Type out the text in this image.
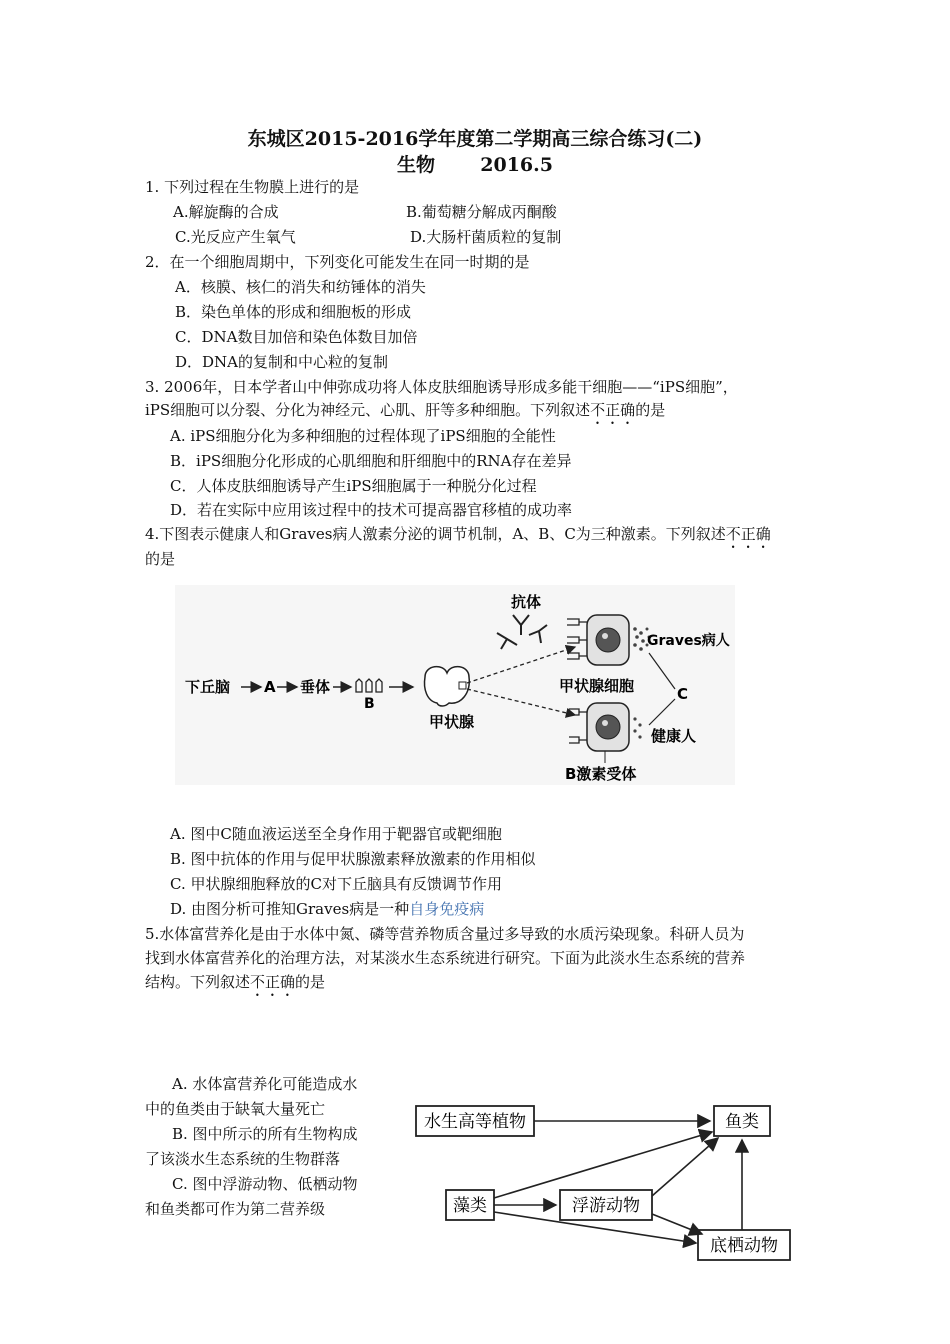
东城区2015-2016学年度第二学期高三综合练习(二)
生物 2016.5
1. 下列过程在生物膜上进行的是
A.解旋酶的合成	B.葡萄糖分解成丙酮酸
C.光反应产生氧气	D.大肠杆菌质粒的复制
2．在一个细胞周期中，下列变化可能发生在同一时期的是
A．核膜、核仁的消失和纺锤体的消失
B．染色单体的形成和细胞板的形成
C．DNA数目加倍和染色体数目加倍
D．DNA的复制和中心粒的复制
3. 2006年，日本学者山中伸弥成功将人体皮肤细胞诱导形成多能干细胞——“iPS细胞”，
iPS细胞可以分裂、分化为神经元、心肌、肝等多种细胞。下列叙述不正确的是
A. iPS细胞分化为多种细胞的过程体现了iPS细胞的全能性
B．iPS细胞分化形成的心肌细胞和肝细胞中的RNA存在差异
C．人体皮肤细胞诱导产生iPS细胞属于一种脱分化过程
D．若在实际中应用该过程中的技术可提高器官移植的成功率
4.下图表示健康人和Graves病人激素分泌的调节机制，A、B、C为三种激素。下列叙述不正确
的是
下丘脑 A 垂体
B
甲状腺
抗体
Graves病人
甲状腺细胞
B激素受体
C
健康人
A. 图中C随血液运送至全身作用于靶器官或靶细胞
B. 图中抗体的作用与促甲状腺激素释放激素的作用相似
C. 甲状腺细胞释放的C对下丘脑具有反馈调节作用
D. 由图分析可推知Graves病是一种自身免疫病
5.水体富营养化是由于水体中氮、磷等营养物质含量过多导致的水质污染现象。科研人员为
找到水体富营养化的治理方法，对某淡水生态系统进行研究。下面为此淡水生态系统的营养
结构。下列叙述不正确的是
A. 水体富营养化可能造成水
中的鱼类由于缺氧大量死亡
B. 图中所示的所有生物构成
了该淡水生态系统的生物群落
C. 图中浮游动物、低栖动物
和鱼类都可作为第二营养级
水生高等植物	鱼类
藻类	浮游动物
底栖动物
